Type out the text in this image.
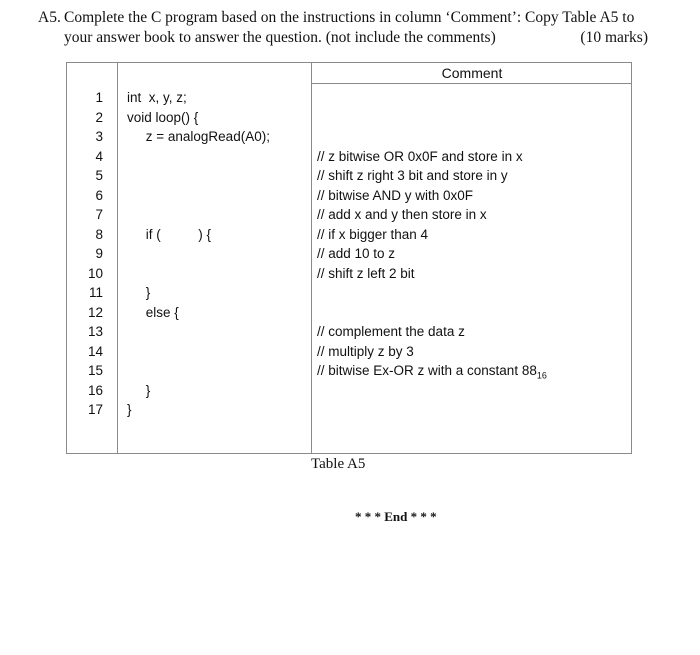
A5. Complete the C program based on the instructions in column ‘Comment’: Copy Table A5 to
your answer book to answer the question. (not include the comments)	(10 marks)
Comment
1
2
3
4
5
6
7
8
9
10
11
12
13
14
15
16
17
int  x, y, z;
void loop() {
z = analogRead(A0);
if (          ) {
}
else {
}
}
// z bitwise OR 0x0F and store in x
// shift z right 3 bit and store in y
// bitwise AND y with 0x0F
// add x and y then store in x
// if x bigger than 4
// add 10 to z
// shift z left 2 bit
// complement the data z
// multiply z by 3
// bitwise Ex-OR z with a constant $88_{16}$
Table A5
* * * End * * *
